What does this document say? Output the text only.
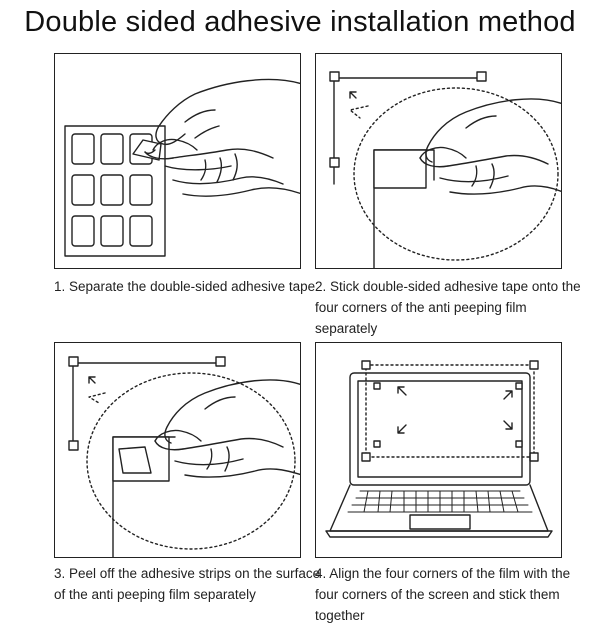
Double sided adhesive installation method
1. Separate the double-sided adhesive tape 2. Stick double-sided adhesive tape onto the four corners of the anti peeping film separately
3. Peel off the adhesive strips on the surface of the anti peeping film separately
4. Align the four corners of the film with the four corners of the screen and stick them together
